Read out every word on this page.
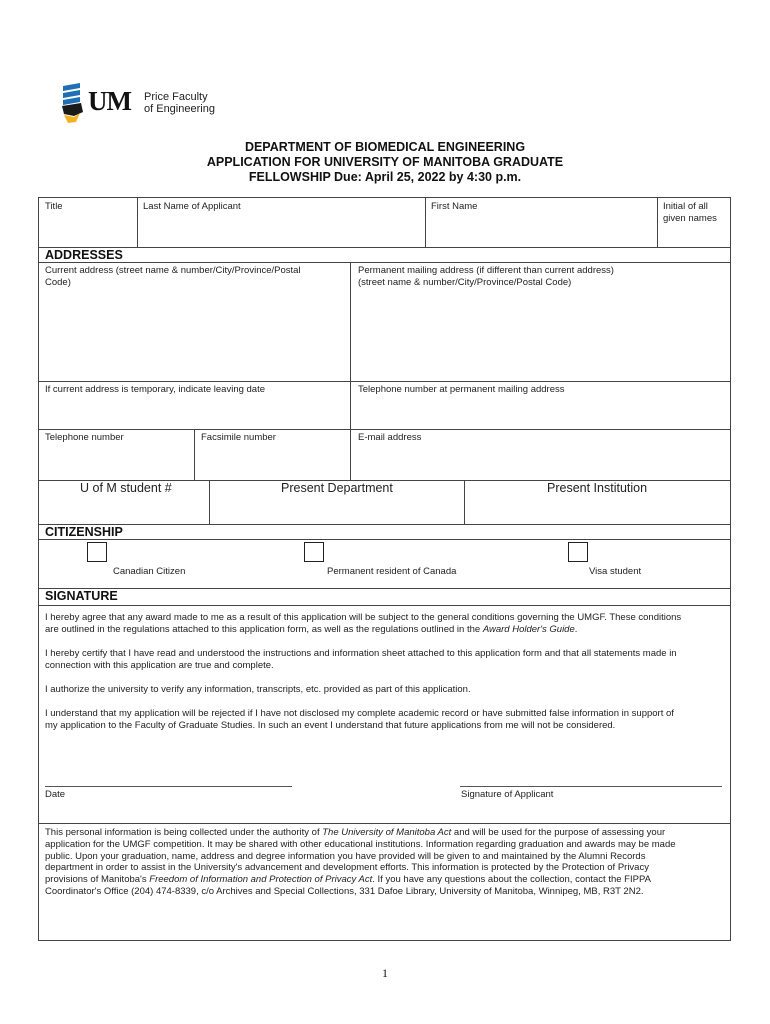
UM Price Faculty
of Engineering
DEPARTMENT OF BIOMEDICAL ENGINEERING
APPLICATION FOR UNIVERSITY OF MANITOBA GRADUATE
FELLOWSHIP Due: April 25, 2022 by 4:30 p.m.
Title	Last Name of Applicant	First Name	Initial of all
given names
ADDRESSES
Current address (street name & number/City/Province/Postal
Code)
Permanent mailing address (if different than current address)
(street name & number/City/Province/Postal Code)
If current address is temporary, indicate leaving date	Telephone number at permanent mailing address
Telephone number	Facsimile number	E-mail address
U of M student #	Present Department	Present Institution
CITIZENSHIP
Canadian Citizen	Permanent resident of Canada	Visa student
SIGNATURE
I hereby agree that any award made to me as a result of this application will be subject to the general conditions governing the UMGF. These conditions
are outlined in the regulations attached to this application form, as well as the regulations outlined in the Award Holder's Guide.
I hereby certify that I have read and understood the instructions and information sheet attached to this application form and that all statements made in
connection with this application are true and complete.
I authorize the university to verify any information, transcripts, etc. provided as part of this application.
I understand that my application will be rejected if I have not disclosed my complete academic record or have submitted false information in support of
my application to the Faculty of Graduate Studies. In such an event I understand that future applications from me will not be considered.
Date	Signature of Applicant
This personal information is being collected under the authority of The University of Manitoba Act and will be used for the purpose of assessing your
application for the UMGF competition. It may be shared with other educational institutions. Information regarding graduation and awards may be made
public. Upon your graduation, name, address and degree information you have provided will be given to and maintained by the Alumni Records
department in order to assist in the University's advancement and development efforts. This information is protected by the Protection of Privacy
provisions of Manitoba's Freedom of Information and Protection of Privacy Act. If you have any questions about the collection, contact the FIPPA
Coordinator's Office (204) 474-8339, c/o Archives and Special Collections, 331 Dafoe Library, University of Manitoba, Winnipeg, MB, R3T 2N2.
1
